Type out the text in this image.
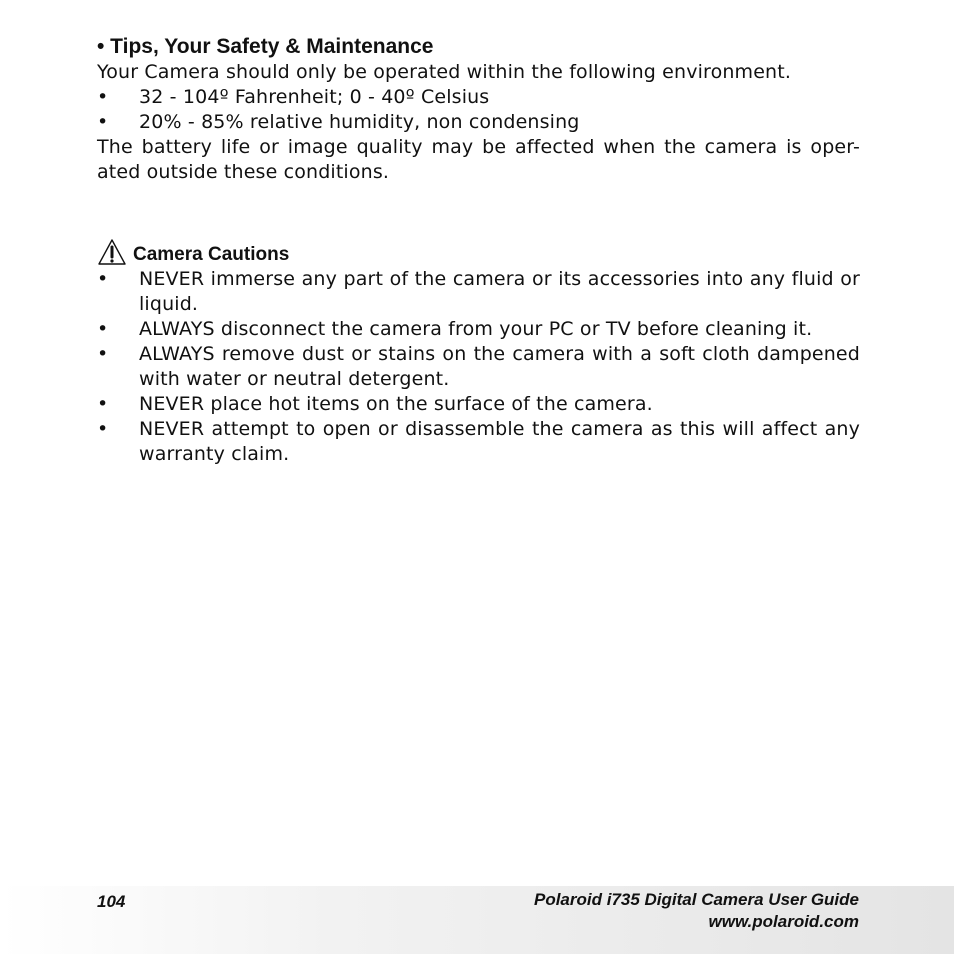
• Tips, Your Safety & Maintenance

Your Camera should only be operated within the following environment.

•	32 - 104º Fahrenheit; 0 - 40º Celsius
•	20% - 85% relative humidity, non condensing

The battery life or image quality may be affected when the camera is oper-ated outside these conditions.

Camera Cautions
•	NEVER immerse any part of the camera or its accessories into any fluid or liquid.
•	ALWAYS disconnect the camera from your PC or TV before cleaning it.
•	ALWAYS remove dust or stains on the camera with a soft cloth dampened with water or neutral detergent.
•	NEVER place hot items on the surface of the camera.
•	NEVER attempt to open or disassemble the camera as this will affect any warranty claim.
104	Polaroid i735 Digital Camera User Guide
www.polaroid.com
